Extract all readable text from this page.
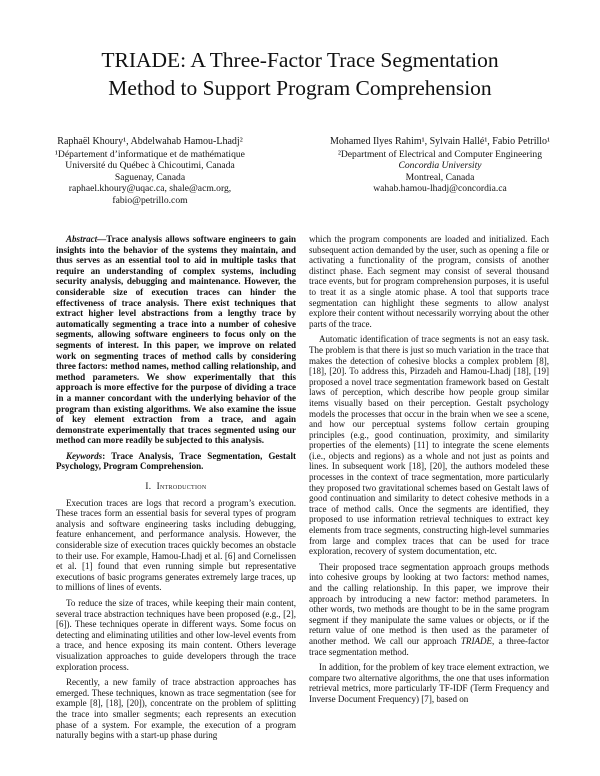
TRIADE: A Three-Factor Trace Segmentation
Method to Support Program Comprehension
Raphaël Khoury¹, Abdelwahab Hamou-Lhadj²
¹Département d’informatique et de mathématique
Université du Québec à Chicoutimi, Canada
Saguenay, Canada
raphael.khoury@uqac.ca, shale@acm.org,
fabio@petrillo.com
Mohamed Ilyes Rahim¹, Sylvain Hallé¹, Fabio Petrillo¹
²Department of Electrical and Computer Engineering
Concordia University
Montreal, Canada
wahab.hamou-lhadj@concordia.ca

Abstract—Trace analysis allows software engineers to gain insights into the behavior of the systems they maintain, and thus serves as an essential tool to aid in multiple tasks that require an understanding of complex systems, including security analysis, debugging and maintenance. However, the considerable size of execution traces can hinder the effectiveness of trace analysis. There exist techniques that extract higher level abstractions from a lengthy trace by automatically segmenting a trace into a number of cohesive segments, allowing software engineers to focus only on the segments of interest. In this paper, we improve on related work on segmenting traces of method calls by considering three factors: method names, method calling relationship, and method parameters. We show experimentally that this approach is more effective for the purpose of dividing a trace in a manner concordant with the underlying behavior of the program than existing algorithms. We also examine the issue of key element extraction from a trace, and again demonstrate experimentally that traces segmented using our method can more readily be subjected to this analysis.

Keywords: Trace Analysis, Trace Segmentation, Gestalt Psychology, Program Comprehension.

I. Introduction

Execution traces are logs that record a program’s execution. These traces form an essential basis for several types of program analysis and software engineering tasks including debugging, feature enhancement, and performance analysis. However, the considerable size of execution traces quickly becomes an obstacle to their use. For example, Hamou-Lhadj et al. [6] and Cornelissen et al. [1] found that even running simple but representative executions of basic programs generates extremely large traces, up to millions of lines of events.

To reduce the size of traces, while keeping their main content, several trace abstraction techniques have been proposed (e.g., [2], [6]). These techniques operate in different ways. Some focus on detecting and eliminating utilities and other low-level events from a trace, and hence exposing its main content. Others leverage visualization approaches to guide developers through the trace exploration process.

Recently, a new family of trace abstraction approaches has emerged. These techniques, known as trace segmentation (see for example [8], [18], [20]), concentrate on the problem of splitting the trace into smaller segments; each represents an execution phase of a system. For example, the execution of a program naturally begins with a start-up phase during

which the program components are loaded and initialized. Each subsequent action demanded by the user, such as opening a file or activating a functionality of the program, consists of another distinct phase. Each segment may consist of several thousand trace events, but for program comprehension purposes, it is useful to treat it as a single atomic phase. A tool that supports trace segmentation can highlight these segments to allow analyst explore their content without necessarily worrying about the other parts of the trace.

Automatic identification of trace segments is not an easy task. The problem is that there is just so much variation in the trace that makes the detection of cohesive blocks a complex problem [8], [18], [20]. To address this, Pirzadeh and Hamou-Lhadj [18], [19] proposed a novel trace segmentation framework based on Gestalt laws of perception, which describe how people group similar items visually based on their perception. Gestalt psychology models the processes that occur in the brain when we see a scene, and how our perceptual systems follow certain grouping principles (e.g., good continuation, proximity, and similarity properties of the elements) [11] to integrate the scene elements (i.e., objects and regions) as a whole and not just as points and lines. In subsequent work [18], [20], the authors modeled these processes in the context of trace segmentation, more particularly they proposed two gravitational schemes based on Gestalt laws of good continuation and similarity to detect cohesive methods in a trace of method calls. Once the segments are identified, they proposed to use information retrieval techniques to extract key elements from trace segments, constructing high-level summaries from large and complex traces that can be used for trace exploration, recovery of system documentation, etc.

Their proposed trace segmentation approach groups methods into cohesive groups by looking at two factors: method names, and the calling relationship. In this paper, we improve their approach by introducing a new factor: method parameters. In other words, two methods are thought to be in the same program segment if they manipulate the same values or objects, or if the return value of one method is then used as the parameter of another method. We call our approach TRIADE, a three-factor trace segmentation method.

In addition, for the problem of key trace element extraction, we compare two alternative algorithms, the one that uses information retrieval metrics, more particularly TF-IDF (Term Frequency and Inverse Document Frequency) [7], based on
